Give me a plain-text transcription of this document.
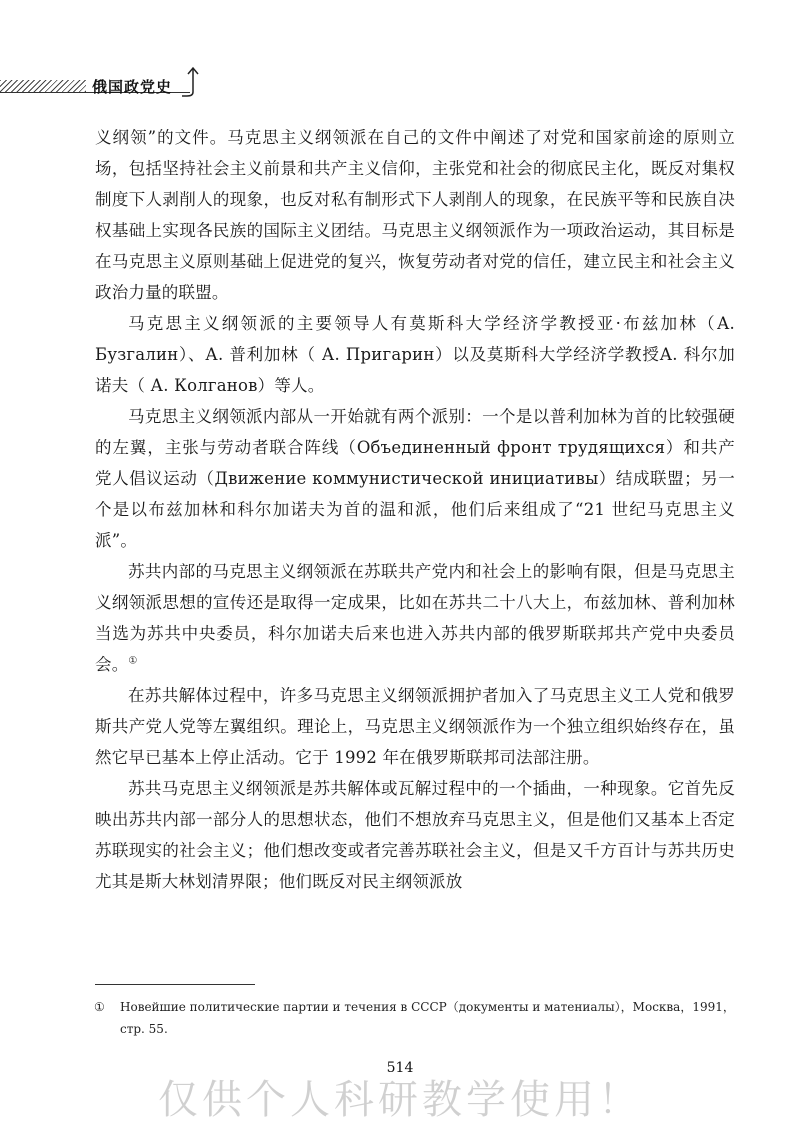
俄国政党史

义纲领”的文件。马克思主义纲领派在自己的文件中阐述了对党和国家前途的原则立场，包括坚持社会主义前景和共产主义信仰，主张党和社会的彻底民主化，既反对集权制度下人剥削人的现象，也反对私有制形式下人剥削人的现象，在民族平等和民族自决权基础上实现各民族的国际主义团结。马克思主义纲领派作为一项政治运动，其目标是在马克思主义原则基础上促进党的复兴，恢复劳动者对党的信任，建立民主和社会主义政治力量的联盟。

马克思主义纲领派的主要领导人有莫斯科大学经济学教授亚·布兹加林（А. Бузгалин）、А. 普利加林（ А. Пригарин）以及莫斯科大学经济学教授А. 科尔加诺夫（ А. Колганов）等人。

马克思主义纲领派内部从一开始就有两个派别：一个是以普利加林为首的比较强硬的左翼，主张与劳动者联合阵线（Объединенный фронт трудящихся）和共产党人倡议运动（Движение коммунистической инициативы）结成联盟；另一个是以布兹加林和科尔加诺夫为首的温和派，他们后来组成了“21 世纪马克思主义派”。

苏共内部的马克思主义纲领派在苏联共产党内和社会上的影响有限，但是马克思主义纲领派思想的宣传还是取得一定成果，比如在苏共二十八大上，布兹加林、普利加林当选为苏共中央委员，科尔加诺夫后来也进入苏共内部的俄罗斯联邦共产党中央委员会。①

在苏共解体过程中，许多马克思主义纲领派拥护者加入了马克思主义工人党和俄罗斯共产党人党等左翼组织。理论上，马克思主义纲领派作为一个独立组织始终存在，虽然它早已基本上停止活动。它于 1992 年在俄罗斯联邦司法部注册。

苏共马克思主义纲领派是苏共解体或瓦解过程中的一个插曲，一种现象。它首先反映出苏共内部一部分人的思想状态，他们不想放弃马克思主义，但是他们又基本上否定苏联现实的社会主义；他们想改变或者完善苏联社会主义，但是又千方百计与苏共历史尤其是斯大林划清界限；他们既反对民主纲领派放

① Новейшие политические партии и течения в СССР（документы и матениалы），Москва，1991，стр. 55.
514
仅供个人科研教学使用！
